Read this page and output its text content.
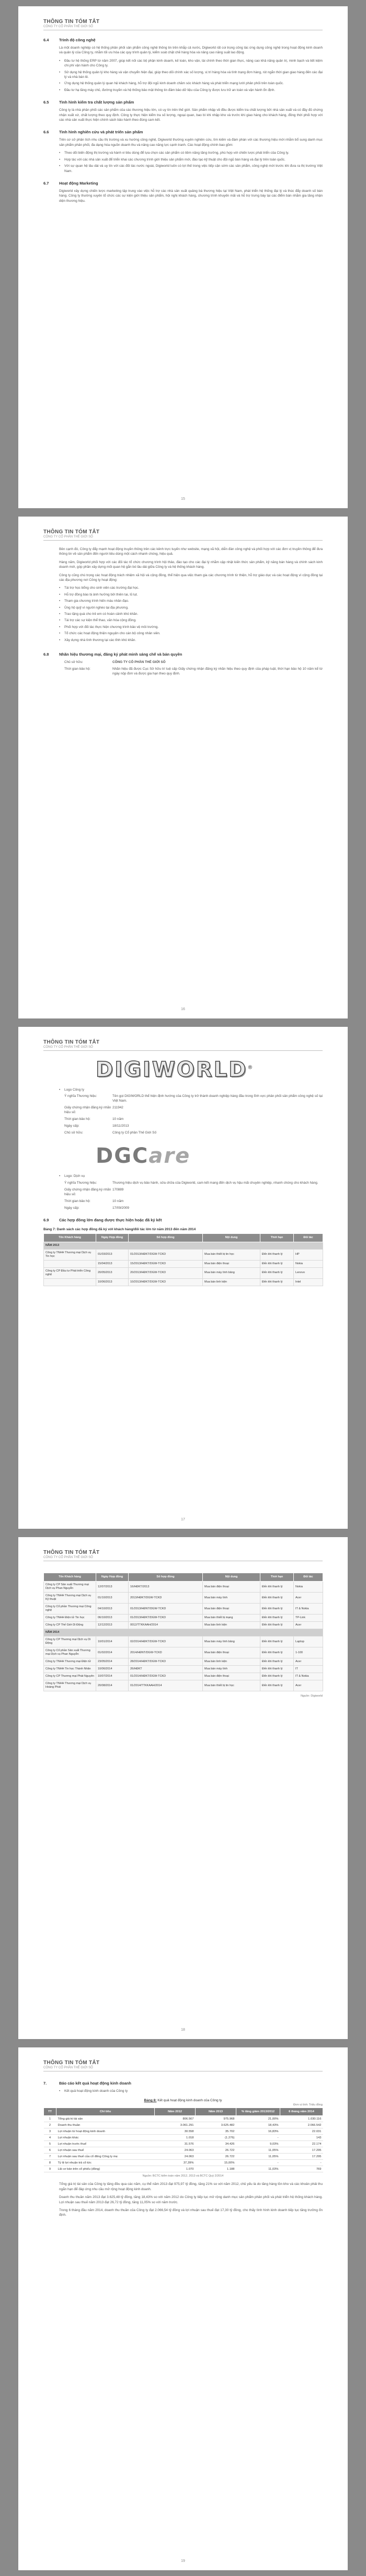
THÔNG TIN TÓM TẮT
CÔNG TY CỔ PHẦN THẾ GIỚI SỐ
6.4	Trình độ công nghệ

Là một doanh nghiệp có hệ thống phân phối sản phẩm công nghệ thông tin trên khắp cả nước, Digiworld rất coi trọng công tác ứng dụng công nghệ trong hoạt động kinh doanh và quản lý của Công ty, nhằm tối ưu hóa các quy trình quản lý, kiểm soát chặt chẽ hàng hóa và nâng cao năng suất lao động.

• Đầu tư hệ thống ERP từ năm 2007, giúp kết nối các bộ phận kinh doanh, kế toán, kho vận, tài chính theo thời gian thực, nâng cao khả năng quản trị, minh bạch và tiết kiệm chi phí vận hành cho Công ty.
• Sử dụng hệ thống quản lý kho hàng và vận chuyển hiện đại, giúp theo dõi chính xác số lượng, vị trí hàng hóa và tình trạng đơn hàng, rút ngắn thời gian giao hàng đến các đại lý và nhà bán lẻ.
• Ứng dụng hệ thống quản lý quan hệ khách hàng, hỗ trợ đội ngũ kinh doanh chăm sóc khách hàng và phát triển mạng lưới phân phối trên toàn quốc.
• Đầu tư hạ tầng máy chủ, đường truyền và hệ thống bảo mật thông tin đảm bảo dữ liệu của Công ty được lưu trữ an toàn và vận hành ổn định.
6.5	Tình hình kiểm tra chất lượng sản phẩm

Công ty là nhà phân phối các sản phẩm của các thương hiệu lớn, có uy tín trên thế giới. Sản phẩm nhập về đều được kiểm tra chất lượng bởi nhà sản xuất và có đầy đủ chứng nhận xuất xứ, chất lượng theo quy định. Công ty thực hiện kiểm tra số lượng, ngoại quan, bao bì khi nhập kho và trước khi giao hàng cho khách hàng, đồng thời phối hợp với các nhà sản xuất thực hiện chính sách bảo hành theo đúng cam kết.

6.6	Tình hình nghiên cứu và phát triển sản phẩm

Trên cơ sở phân tích nhu cầu thị trường và xu hướng công nghệ, Digiworld thường xuyên nghiên cứu, tìm kiếm và đàm phán với các thương hiệu mới nhằm bổ sung danh mục sản phẩm phân phối, đa dạng hóa nguồn doanh thu và nâng cao năng lực cạnh tranh. Các hoạt động chính bao gồm:

• Theo dõi biến động thị trường và hành vi tiêu dùng để lựa chọn các sản phẩm có tiềm năng tăng trưởng, phù hợp với chiến lược phát triển của Công ty.
• Hợp tác với các nhà sản xuất để triển khai các chương trình giới thiệu sản phẩm mới, đào tạo kỹ thuật cho đội ngũ bán hàng và đại lý trên toàn quốc.
• Với sự quan hệ lâu dài và uy tín với các đối tác nước ngoài, Digiworld luôn có lợi thế trong việc tiếp cận sớm các sản phẩm, công nghệ mới trước khi đưa ra thị trường Việt Nam.
6.7	Hoạt động Marketing

Digiworld xây dựng chiến lược marketing tập trung vào việc hỗ trợ các nhà sản xuất quảng bá thương hiệu tại Việt Nam, phát triển hệ thống đại lý và thúc đẩy doanh số bán hàng. Công ty thường xuyên tổ chức các sự kiện giới thiệu sản phẩm, hội nghị khách hàng, chương trình khuyến mãi và hỗ trợ trưng bày tại các điểm bán nhằm gia tăng nhận diện thương hiệu.

15
THÔNG TIN TÓM TẮT
CÔNG TY CỔ PHẦN THẾ GIỚI SỐ

Bên cạnh đó, Công ty đẩy mạnh hoạt động truyền thông trên các kênh trực tuyến như website, mạng xã hội, diễn đàn công nghệ và phối hợp với các đơn vị truyền thông để đưa thông tin về sản phẩm đến người tiêu dùng một cách nhanh chóng, hiệu quả.

Hàng năm, Digiworld phối hợp với các đối tác tổ chức chương trình hội thảo, đào tạo cho các đại lý nhằm cập nhật kiến thức sản phẩm, kỹ năng bán hàng và chính sách kinh doanh mới, góp phần xây dựng mối quan hệ gắn bó lâu dài giữa Công ty và hệ thống khách hàng.

Công ty cũng chú trọng các hoạt động trách nhiệm xã hội và cộng đồng, thể hiện qua việc tham gia các chương trình từ thiện, hỗ trợ giáo dục và các hoạt động vì cộng đồng tại các địa phương nơi Công ty hoạt động:

• Tài trợ học bổng cho sinh viên các trường đại học.
• Hỗ trợ đồng bào bị ảnh hưởng bởi thiên tai, lũ lụt.
• Tham gia chương trình hiến máu nhân đạo.
• Ủng hộ quỹ vì người nghèo tại địa phương.
• Trao tặng quà cho trẻ em có hoàn cảnh khó khăn.
• Tài trợ các sự kiện thể thao, văn hóa cộng đồng.
• Phối hợp với đối tác thực hiện chương trình bảo vệ môi trường.
• Tổ chức các hoạt động thiện nguyện cho cán bộ công nhân viên.
• Xây dựng nhà tình thương tại các tỉnh khó khăn.
6.8	Nhãn hiệu thương mại, đăng ký phát minh sáng chế và bản quyền
Chủ sở hữu:	CÔNG TY CỔ PHẦN THẾ GIỚI SỐ
Thời gian bảo hộ:	Nhãn hiệu đã được Cục Sở hữu trí tuệ cấp Giấy chứng nhận đăng ký nhãn hiệu theo quy định của pháp luật, thời hạn bảo hộ 10 năm kể từ ngày nộp đơn và được gia hạn theo quy định.
16
THÔNG TIN TÓM TẮT
CÔNG TY CỔ PHẦN THẾ GIỚI SỐ
DIGIWORLD®
• Logo Công ty
Ý nghĩa Thương hiệu:	Tên gọi DIGIWORLD thể hiện định hướng của Công ty trở thành doanh nghiệp hàng đầu trong lĩnh vực phân phối sản phẩm công nghệ số tại Việt Nam.
Giấy chứng nhận đăng ký nhãn hiệu số:
211942
Thời gian bảo hộ:	10 năm
Ngày cấp:	18/11/2013
Chủ sở hữu:	Công ty Cổ phần Thế Giới Số
DGCare
• Logo: Dịch vụ
Ý nghĩa Thương hiệu:	Thương hiệu dịch vụ bảo hành, sửa chữa của Digiworld, cam kết mang đến dịch vụ hậu mãi chuyên nghiệp, nhanh chóng cho khách hàng.
Giấy chứng nhận đăng ký nhãn hiệu số:
170889
Thời gian bảo hộ:	10 năm
Ngày cấp:	17/09/2009
6.9	Các hợp đồng lớn đang được thực hiện hoặc đã ký kết
Bảng 7: Danh sách các hợp đồng đã ký với khách hàng/đối tác lớn từ năm 2013 đến năm 2014
Tên Khách hàng	Ngày Hợp đồng	Số hợp đồng	Nội dung	Thời hạn	Đối tác
NĂM 2013					
Công ty TNHH Thương mại Dịch vụ Tin học	01/03/2013	01/2013/HĐKT/DGW-TCKD	Mua bán thiết bị tin học	Đến khi thanh lý	HP
	15/04/2013	15/2013/HĐKT/DGW-TCKD	Mua bán điện thoại	Đến khi thanh lý	Nokia
Công ty CP Đầu tư Phát triển Công nghệ	20/05/2013	20/2013/HĐKT/DGW-TCKD	Mua bán máy tính bảng	Đến khi thanh lý	Lenovo
	10/06/2013	10/2013/HĐKT/DGW-TCKD	Mua bán linh kiện	Đến khi thanh lý	Intel
17
THÔNG TIN TÓM TẮT
CÔNG TY CỔ PHẦN THẾ GIỚI SỐ
Tên Khách hàng	Ngày Hợp đồng	Số hợp đồng	Nội dung	Thời hạn	Đối tác
Công ty CP Sản xuất Thương mại Dịch vụ Phan Nguyễn	12/07/2013	16/HĐKT/2013	Mua bán điện thoại	Đến khi thanh lý	Nokia
Công ty TNHH Thương mại Dịch vụ Kỹ thuật	01/10/2013	2013/HĐKT/DGW-TCKD	Mua bán máy tính	Đến khi thanh lý	Acer
Công ty Cổ phần Thương mại Công nghệ	04/10/2013	01/2013/HĐNT/DGW-TCKD	Mua bán điện thoại	Đến khi thanh lý	IT & Nokia
Công ty TNHH Điện tử Tin học	06/10/2013	01/2013/HĐKT/DGW-TCKD	Mua bán thiết bị mạng	Đến khi thanh lý	TP-Link
Công ty CP Thế Giới Di Động	12/12/2013	0012/TTKKAAH/2014	Mua bán linh kiện	Đến khi thanh lý	Acer
NĂM 2014					
Công ty CP Thương mại Dịch vụ Di Động	10/01/2014	02/2014/HĐKT/DGW-TCKD	Mua bán máy tính bảng	Đến khi thanh lý	Laptop
Công ty Cổ phần Sản xuất Thương mại Dịch vụ Phan Nguyễn	01/02/2014	2014/HĐNT/DGW-TCKD	Mua bán điện thoại	Đến khi thanh lý	1-100
Công ty TNHH Thương mại Điện tử	23/05/2014	28/2014/HĐKT/DGW-TCKD	Mua bán linh kiện	Đến khi thanh lý	Acer
Công ty TNHH Tin học Thành Nhân	10/06/2014	26/HĐKT	Mua bán máy tính	Đến khi thanh lý	IT
Công ty CP Thương mại Phát Nguyên	10/07/2014	01/2014/HĐKT/DGW-TCKD	Mua bán điện thoại	Đến khi thanh lý	IT & Nokia
Công ty TNHH Thương mại Dịch vụ Hoàng Phát	20/08/2014	01/2014/TTKKAAH/2014	Mua bán thiết bị tin học	Đến khi thanh lý	Acer
Nguồn: Digiworld
18
THÔNG TIN TÓM TẮT
CÔNG TY CỔ PHẦN THẾ GIỚI SỐ
7.	Báo cáo kết quả hoạt động kinh doanh
• Kết quả hoạt động kinh doanh của Công ty
Bảng 8: Kết quả hoạt động kinh doanh của Công ty
Đơn vị tính: Triệu đồng
TT	Chỉ tiêu	Năm 2012	Năm 2013	% tăng giảm 2013/2012	6 tháng năm 2014
1	Tổng giá trị tài sản	806.567	975.968	21,00%	1.030.116
2	Doanh thu thuần	3.061.291	3.625.482	18,43%	2.066.542
3	Lợi nhuận từ hoạt động kinh doanh	30.558	35.702	16,83%	22.031
4	Lợi nhuận khác	1.018	(1.276)	-	143
5	Lợi nhuận trước thuế	31.576	34.426	9,03%	22.174
6	Lợi nhuận sau thuế	24.063	26.722	11,05%	17.295
7	Lợi nhuận sau thuế của cổ đông Công ty mẹ	24.063	26.722	11,05%	17.295
8	Tỷ lệ lợi nhuận trả cổ tức	37,39%	15,00%	-	-
9	Lãi cơ bản trên cổ phiếu (đồng)	1.070	1.188	11,03%	769
Nguồn: BCTC kiểm toán năm 2012, 2013 và BCTC Quý 2/2014

Tổng giá trị tài sản của Công ty tăng đều qua các năm, cụ thể năm 2013 đạt 975,97 tỷ đồng, tăng 21% so với năm 2012, chủ yếu là do tăng hàng tồn kho và các khoản phải thu ngắn hạn để đáp ứng nhu cầu mở rộng hoạt động kinh doanh.

Doanh thu thuần năm 2013 đạt 3.625,48 tỷ đồng, tăng 18,43% so với năm 2012 do Công ty tiếp tục mở rộng danh mục sản phẩm phân phối và phát triển hệ thống khách hàng. Lợi nhuận sau thuế năm 2013 đạt 26,72 tỷ đồng, tăng 11,05% so với năm trước.

Trong 6 tháng đầu năm 2014, doanh thu thuần của Công ty đạt 2.066,54 tỷ đồng và lợi nhuận sau thuế đạt 17,30 tỷ đồng, cho thấy tình hình kinh doanh tiếp tục tăng trưởng ổn định.

19
